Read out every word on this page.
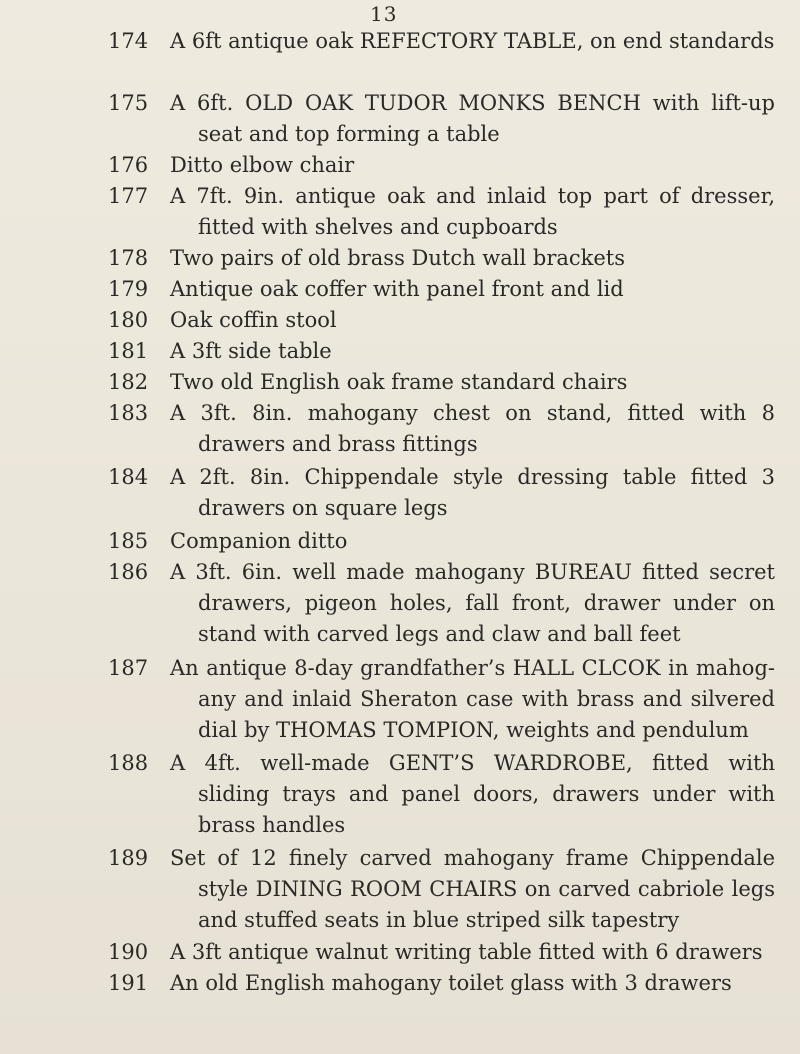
13
174	A 6ft antique oak REFECTORY TABLE, on end standards
175	A 6ft. OLD OAK TUDOR MONKS BENCH with lift-up seat and top forming a table
176	Ditto elbow chair
177	A 7ft. 9in. antique oak and inlaid top part of dresser, fitted with shelves and cupboards
178	Two pairs of old brass Dutch wall brackets
179	Antique oak coffer with panel front and lid
180	Oak coffin stool
181	A 3ft side table
182	Two old English oak frame standard chairs
183	A 3ft. 8in. mahogany chest on stand, fitted with 8 drawers and brass fittings
184	A 2ft. 8in. Chippendale style dressing table fitted 3 drawers on square legs
185	Companion ditto
186	A 3ft. 6in. well made mahogany BUREAU fitted secret drawers, pigeon holes, fall front, drawer under on stand with carved legs and claw and ball feet
187	An antique 8-day grandfather’s HALL CLCOK in mahog-any and inlaid Sheraton case with brass and silvered dial by THOMAS TOMPION, weights and pendulum
188	A 4ft. well-made GENT’S WARDROBE, fitted with sliding trays and panel doors, drawers under with brass handles
189	Set of 12 finely carved mahogany frame Chippendale style DINING ROOM CHAIRS on carved cabriole legs and stuffed seats in blue striped silk tapestry
190	A 3ft antique walnut writing table fitted with 6 drawers
191	An old English mahogany toilet glass with 3 drawers
